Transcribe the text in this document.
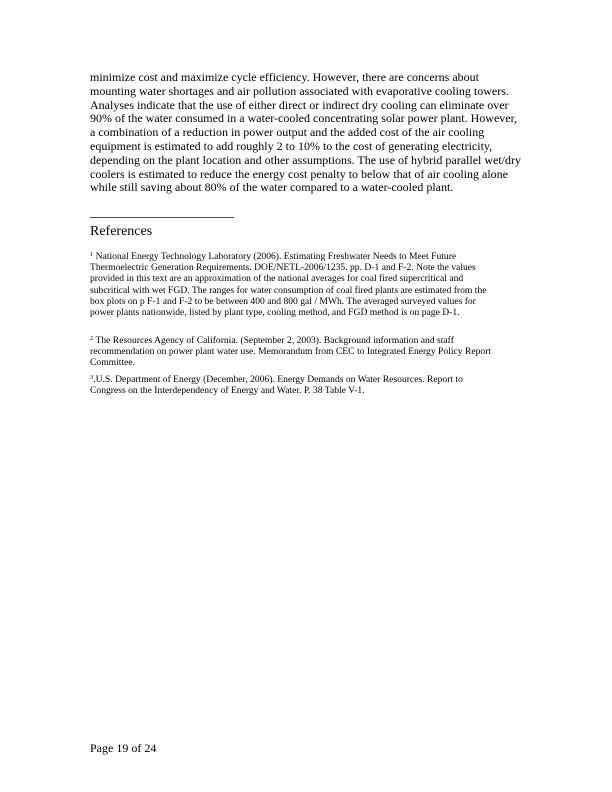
minimize cost and maximize cycle efficiency. However, there are concerns about
mounting water shortages and air pollution associated with evaporative cooling towers.
Analyses indicate that the use of either direct or indirect dry cooling can eliminate over
90% of the water consumed in a water-cooled concentrating solar power plant. However,
a combination of a reduction in power output and the added cost of the air cooling
equipment is estimated to add roughly 2 to 10% to the cost of generating electricity,
depending on the plant location and other assumptions. The use of hybrid parallel wet/dry
coolers is estimated to reduce the energy cost penalty to below that of air cooling alone
while still saving about 80% of the water compared to a water-cooled plant.

References

$^1$ National Energy Technology Laboratory (2006). Estimating Freshwater Needs to Meet Future
Thermoelectric Generation Requirements. DOE/NETL-2006/1235. pp. D-1 and F-2. Note the values
provided in this text are an approximation of the national averages for coal fired supercritical and
subcritical with wet FGD. The ranges for water consumption of coal fired plants are estimated from the
box plots on p F-1 and F-2 to be between 400 and 800 gal / MWh. The averaged surveyed values for
power plants nationwide, listed by plant type, cooling method, and FGD method is on page D-1.

$^2$ The Resources Agency of California. (September 2, 2003). Background information and staff
recommendation on power plant water use. Memorandum from CEC to Integrated Energy Policy Report
Committee.

$^3$.U.S. Department of Energy (December, 2006). Energy Demands on Water Resources. Report to
Congress on the Interdependency of Energy and Water. P. 38 Table V-1.

Page 19 of 24
